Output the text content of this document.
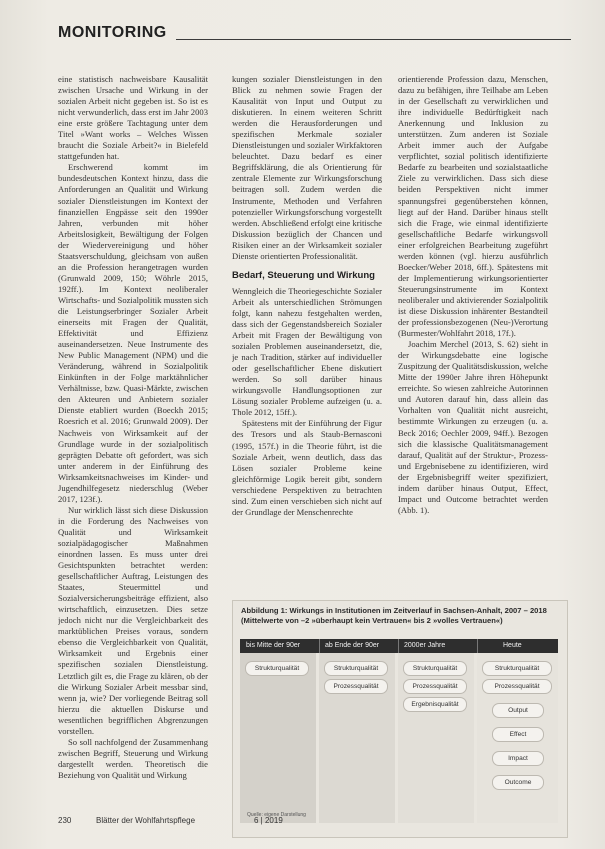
MONITORING

eine statistisch nachweisbare Kausalität zwischen Ursache und Wirkung in der sozialen Arbeit nicht gegeben ist. So ist es nicht verwunderlich, dass erst im Jahr 2003 eine erste größere Tachtagung unter dem Titel »Want works – Welches Wissen braucht die Soziale Arbeit?« in Bielefeld stattgefunden hat.

Erschwerend kommt im bundesdeutschen Kontext hinzu, dass die Anforderungen an Qualität und Wirkung sozialer Dienstleistungen im Kontext der finanziellen Engpässe seit den 1990er Jahren, verbunden mit höher Arbeitslosigkeit, Bewältigung der Folgen der Wiedervereinigung und höher Staatsverschuldung, gleichsam von außen an die Profession herangetragen wurden (Grunwald 2009, 150; Wöhrle 2015, 192ff.). Im Kontext neoliberaler Wirtschafts- und Sozialpolitik mussten sich die Leistungserbringer Sozialer Arbeit einerseits mit Fragen der Qualität, Effektivität und Effizienz auseinandersetzen. Neue Instrumente des New Public Management (NPM) und die Veränderung, während in Sozialpolitik Einkünften in der Folge marktähnlicher Verhältnisse, bzw. Quasi-Märkte, zwischen den Akteuren und Anbietern sozialer Dienste etabliert wurden (Boeckh 2015; Roesrich et al. 2016; Grunwald 2009). Der Nachweis von Wirksamkeit auf der Grundlage wurde in der sozialpolitisch geprägten Debatte oft gefordert, was sich unter anderem in der Einführung des Wirksamkeitsnachweises im Kinder- und Jugendhilfegesetz niederschlug (Weber 2017, 123f.).

Nur wirklich lässt sich diese Diskussion in die Forderung des Nachweises von Qualität und Wirksamkeit sozialpädagogischer Maßnahmen einordnen lassen. Es muss unter drei Gesichtspunkten betrachtet werden: gesellschaftlicher Auftrag, Leistungen des Staates, Steuermittel und Sozialversicherungsbeiträge effizient, also wirtschaftlich, einzusetzen. Dies setze jedoch nicht nur die Vergleichbarkeit des marktüblichen Preises voraus, sondern ebenso die Vergleichbarkeit von Qualität, Wirksamkeit und Ergebnis einer spezifischen sozialen Dienstleistung. Letztlich gilt es, die Frage zu klären, ob der die Wirkung Sozialer Arbeit messbar sind, wenn ja, wie? Der vorliegende Beitrag soll hierzu die aktuellen Diskurse und wesentlichen begrifflichen Abgrenzungen vorstellen.

So soll nachfolgend der Zusammenhang zwischen Begriff, Steuerung und Wirkung dargestellt werden. Theoretisch die Beziehung von Qualität und Wirkung

kungen sozialer Dienstleistungen in den Blick zu nehmen sowie Fragen der Kausalität von Input und Output zu diskutieren. In einem weiteren Schritt werden die Herausforderungen und spezifischen Merkmale sozialer Dienstleistungen und sozialer Wirkfaktoren beleuchtet. Dazu bedarf es einer Begriffsklärung, die als Orientierung für zentrale Elemente zur Wirkungsforschung beitragen soll. Zudem werden die Instrumente, Methoden und Verfahren potenzieller Wirkungsforschung vorgestellt werden. Abschließend erfolgt eine kritische Diskussion bezüglich der Chancen und Risiken einer an der Wirksamkeit sozialer Dienste orientierten Professionalität.

Bedarf, Steuerung und Wirkung

Wenngleich die Theoriegeschichte Sozialer Arbeit als unterschiedlichen Strömungen folgt, kann nahezu festgehalten werden, dass sich der Gegenstandsbereich Sozialer Arbeit mit Fragen der Bewältigung von sozialen Problemen auseinandersetzt, die, je nach Tradition, stärker auf individueller oder gesellschaftlicher Ebene diskutiert werden. So soll darüber hinaus wirkungsvolle Handlungsoptionen zur Lösung sozialer Probleme aufzeigen (u. a. Thole 2012, 15ff.).

Spätestens mit der Einführung der Figur des Tresors und als Staub-Bernasconi (1995, 157f.) in die Theorie führt, ist die Soziale Arbeit, wenn deutlich, dass das Lösen sozialer Probleme keine gleichförmige Logik bereit gibt, sondern verschiedene Perspektiven zu betrachten sind. Zum einen verschieben sich nicht auf der Grundlage der Menschenrechte

orientierende Profession dazu, Menschen, dazu zu befähigen, ihre Teilhabe am Leben in der Gesellschaft zu verwirklichen und ihre individuelle Bedürftigkeit nach Anerkennung und Inklusion zu unterstützen. Zum anderen ist Soziale Arbeit immer auch der Aufgabe verpflichtet, sozial politisch identifizierte Bedarfe zu bearbeiten und sozialstaatliche Ziele zu verwirklichen. Dass sich diese beiden Perspektiven nicht immer spannungsfrei gegenüberstehen können, liegt auf der Hand. Darüber hinaus stellt sich die Frage, wie einmal identifizierte gesellschaftliche Bedarfe wirkungsvoll einer erfolgreichen Bearbeitung zugeführt werden können (vgl. hierzu ausführlich Boecker/Weber 2018, 6ff.). Spätestens mit der Implementierung wirkungsorientierter Steuerungsinstrumente im Kontext neoliberaler und aktivierender Sozialpolitik ist diese Diskussion inhärenter Bestandteil der professionsbezogenen (Neu-)Verortung (Burmester/Wohlfahrt 2018, 17f.).

Joachim Merchel (2013, S. 62) sieht in der Wirkungsdebatte eine logische Zuspitzung der Qualitätsdiskussion, welche Mitte der 1990er Jahre ihren Höhepunkt erreichte. So wiesen zahlreiche Autorinnen und Autoren darauf hin, dass allein das Vorhalten von Qualität nicht ausreicht, bestimmte Wirkungen zu erzeugen (u. a. Beck 2016; Oechler 2009, 94ff.). Bezogen sich die klassische Qualitätsmanagement darauf, Qualität auf der Struktur-, Prozess- und Ergebnisebene zu identifizieren, wird der Ergebnisbegriff weiter spezifiziert, indem darüber hinaus Output, Effect, Impact und Outcome betrachtet werden (Abb. 1).

Abbildung 1: Wirkungs in Institutionen im Zeitverlauf in Sachsen-Anhalt, 2007 – 2018 (Mittelwerte von –2 »überhaupt kein Vertrauen« bis 2 »volles Vertrauen«)
bis Mitte der 90er	ab Ende der 90er	2000er Jahre	Heute
Strukturqualität	Strukturqualität
Prozessqualität
Strukturqualität
Prozessqualität
Ergebnisqualität
Strukturqualität
Prozessqualität
Output
Effect
Impact
Outcome
Quelle: eigene Darstellung
230	Blätter der Wohlfahrtspflege	6 | 2019
